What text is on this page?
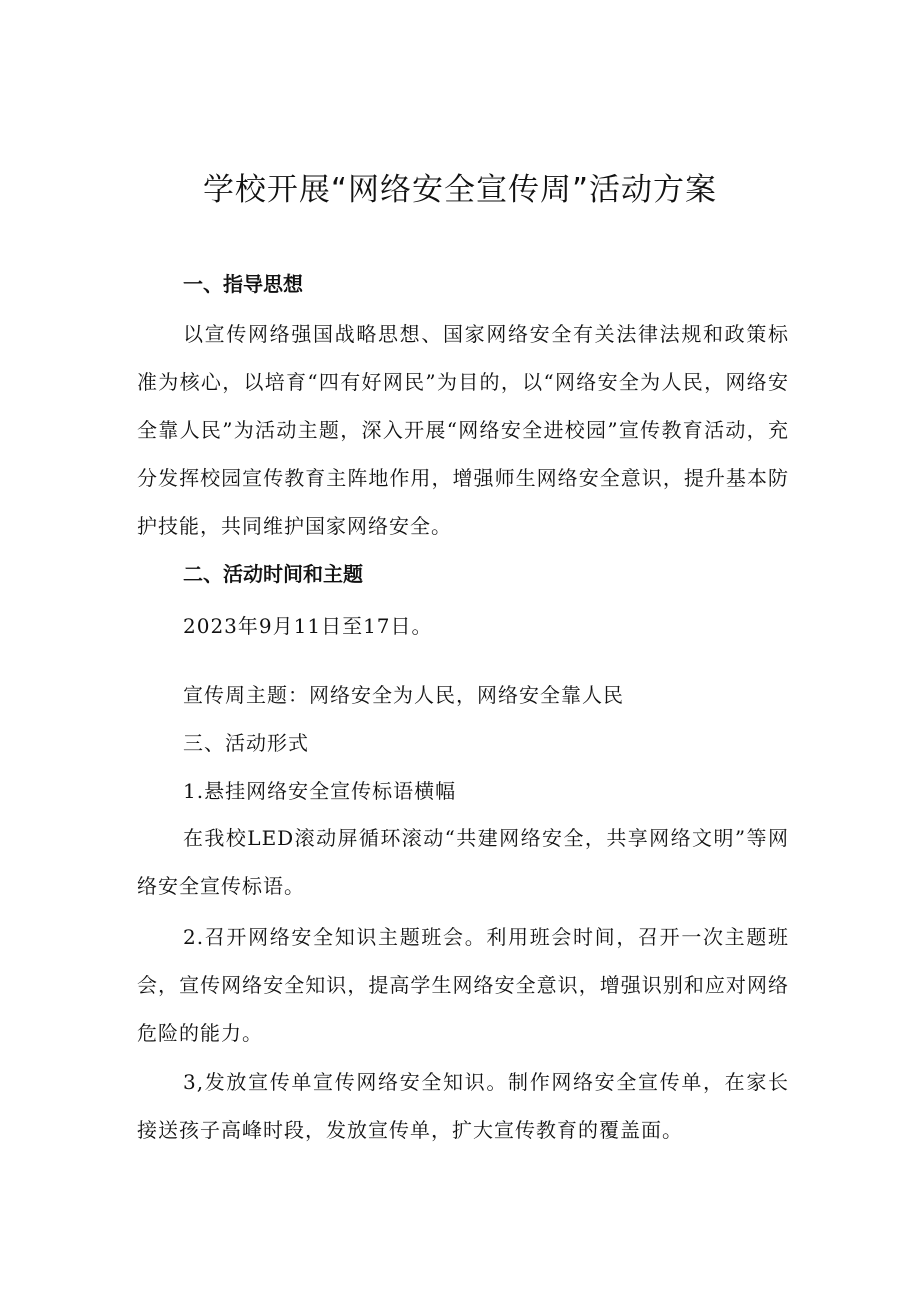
学校开展“网络安全宣传周”活动方案
一、指导思想

以宣传网络强国战略思想、国家网络安全有关法律法规和政策标准为核心，以培育“四有好网民”为目的，以“网络安全为人民，网络安全靠人民”为活动主题，深入开展“网络安全进校园”宣传教育活动，充分发挥校园宣传教育主阵地作用，增强师生网络安全意识，提升基本防护技能，共同维护国家网络安全。

二、活动时间和主题
2023年9月11日至17日。
宣传周主题：网络安全为人民，网络安全靠人民
三、活动形式
1.悬挂网络安全宣传标语横幅

在我校LED滚动屏循环滚动“共建网络安全，共享网络文明”等网络安全宣传标语。

2.召开网络安全知识主题班会。利用班会时间，召开一次主题班会，宣传网络安全知识，提高学生网络安全意识，增强识别和应对网络危险的能力。

3,发放宣传单宣传网络安全知识。制作网络安全宣传单，在家长接送孩子高峰时段，发放宣传单，扩大宣传教育的覆盖面。
